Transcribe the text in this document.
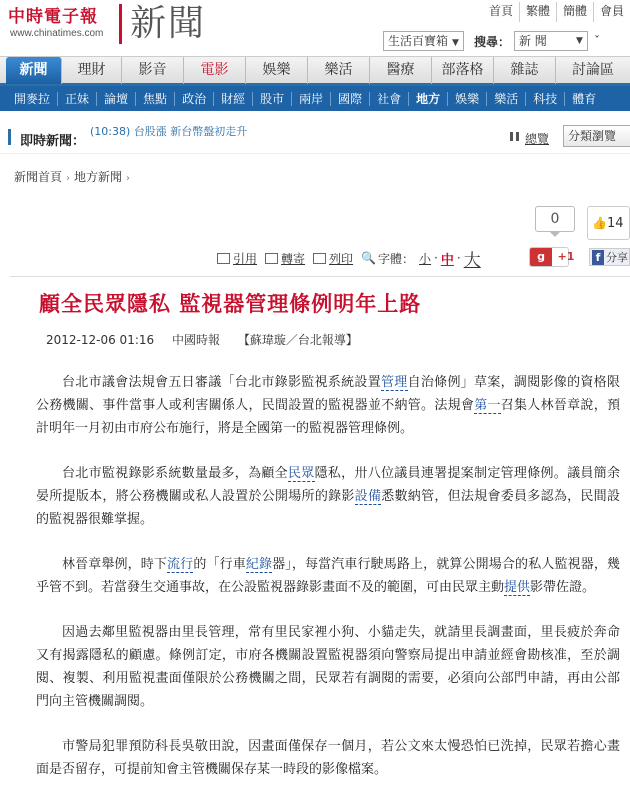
中時電子報
www.chinatimes.com 新聞	首頁	繁體	簡體	會員
生活百寶箱 ▼	搜尋： 新 聞	▼ ˇ
新聞	理財	影音	電影	娛樂	樂活	醫療	部落格	雜誌	討論區
開麥拉	正妹	論壇	焦點	政治	財經	股市	兩岸	國際	社會	地方	娛樂	樂活	科技	體育
即時新聞：
(10:38) 台股漲 新台幣盤初走升
總覽	分類瀏覽
新聞首頁 › 地方新聞 ›
0	👍14
引用 轉寄 列印 🔍 字體： 小 · 中 · 大	g +1	f 分享
顧全民眾隱私 監視器管理條例明年上路
2012-12-06 01:16 中國時報 【蘇瑋璇／台北報導】

台北市議會法規會五日審議「台北市錄影監視系統設置管理自治條例」草案，調閱影像的資格限公務機關、事件當事人或利害關係人，民間設置的監視器並不納管。法規會第一召集人林晉章說，預計明年一月初由市府公布施行，將是全國第一的監視器管理條例。

台北市監視錄影系統數量最多，為顧全民眾隱私，卅八位議員連署提案制定管理條例。議員簡余晏所提版本，將公務機關或私人設置於公開場所的錄影設備悉數納管，但法規會委員多認為，民間設的監視器很難掌握。

林晉章舉例，時下流行的「行車紀錄器」，每當汽車行駛馬路上，就算公開場合的私人監視器，幾乎管不到。若當發生交通事故，在公設監視器錄影畫面不及的範圍，可由民眾主動提供影帶佐證。

因過去鄰里監視器由里長管理，常有里民家裡小狗、小貓走失，就請里長調畫面，里長疲於奔命又有揭露隱私的顧慮。條例訂定，市府各機關設置監視器須向警察局提出申請並經會勘核准，至於調閱、複製、利用監視畫面僅限於公務機關之間，民眾若有調閱的需要，必須向公部門申請，再由公部門向主管機關調閱。

市警局犯罪預防科長吳敬田說，因畫面僅保存一個月，若公文來太慢恐怕已洗掉，民眾若擔心畫面是否留存，可提前知會主管機關保存某一時段的影像檔案。
